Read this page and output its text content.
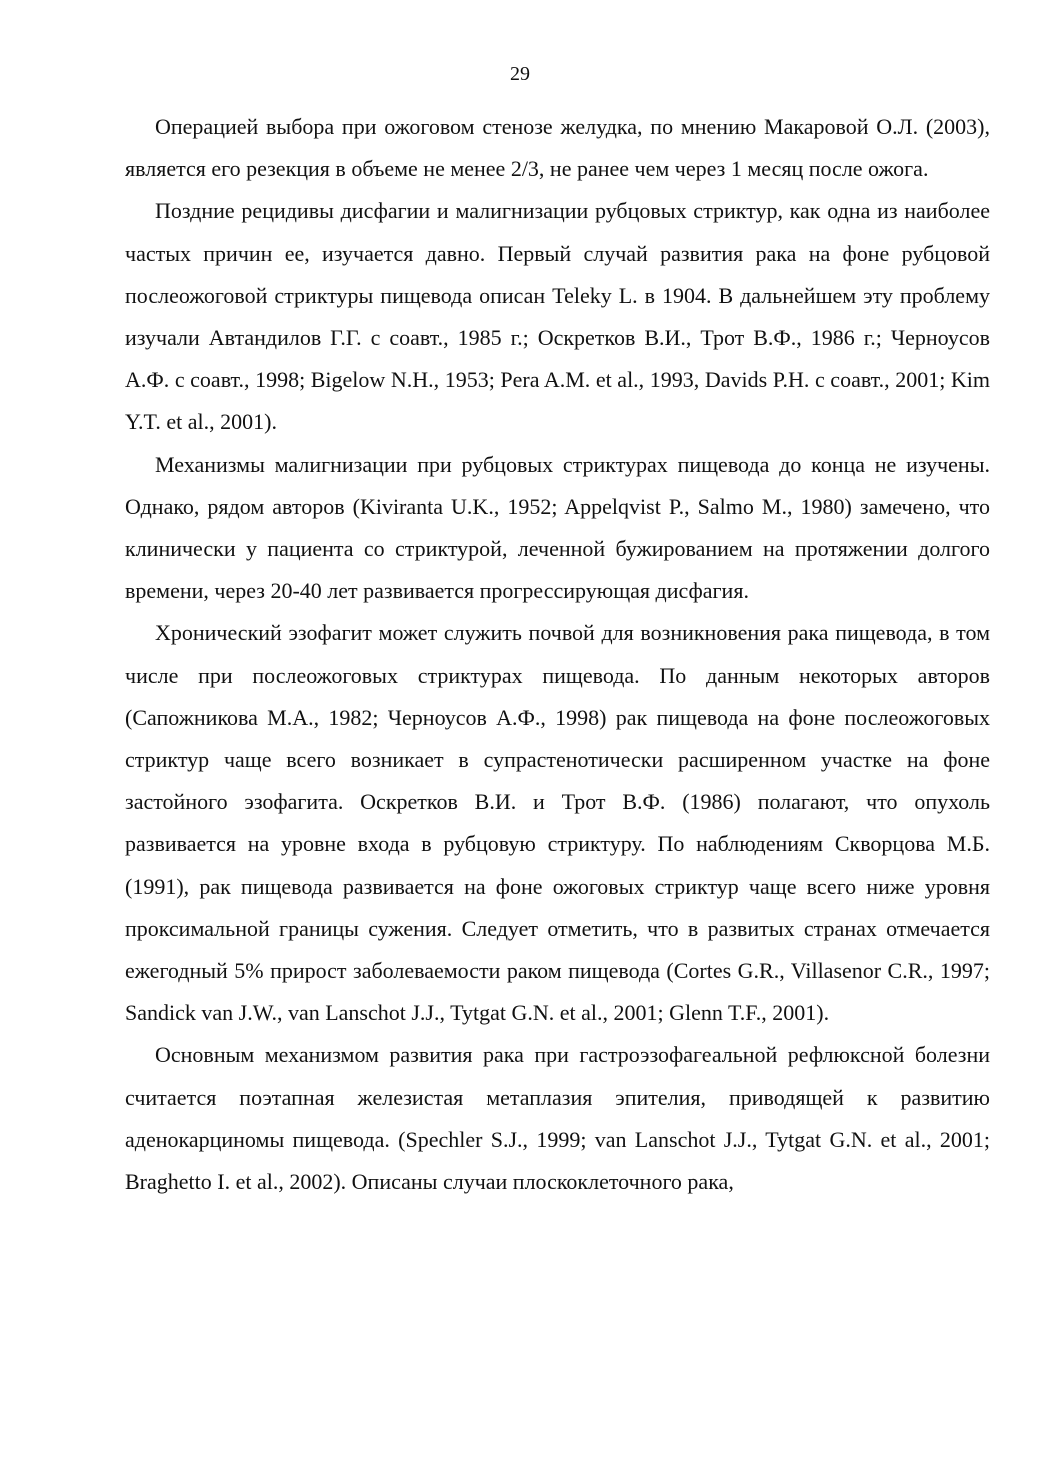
29

Операцией выбора при ожоговом стенозе желудка, по мнению Макаровой О.Л. (2003), является его резекция в объеме не менее 2/3, не ранее чем через 1 месяц после ожога.

Поздние рецидивы дисфагии и малигнизации рубцовых стриктур, как одна из наиболее частых причин ее, изучается давно. Первый случай развития рака на фоне рубцовой послеожоговой стриктуры пищевода описан Teleky L. в 1904. В дальнейшем эту проблему изучали Автандилов Г.Г. с соавт., 1985 г.; Оскретков В.И., Трот В.Ф., 1986 г.; Черноусов А.Ф. с соавт., 1998; Bigelow N.H., 1953; Pera A.M. et al., 1993, Davids P.H. с соавт., 2001; Kim Y.T. et al., 2001).

Механизмы малигнизации при рубцовых стриктурах пищевода до конца не изучены. Однако, рядом авторов (Kiviranta U.K., 1952; Appelqvist P., Salmo M., 1980) замечено, что клинически у пациента со стриктурой, леченной бужированием на протяжении долгого времени, через 20-40 лет развивается прогрессирующая дисфагия.

Хронический эзофагит может служить почвой для возникновения рака пищевода, в том числе при послеожоговых стриктурах пищевода. По данным некоторых авторов (Сапожникова М.А., 1982; Черноусов А.Ф., 1998) рак пищевода на фоне послеожоговых стриктур чаще всего возникает в супрастенотически расширенном участке на фоне застойного эзофагита. Оскретков В.И. и Трот В.Ф. (1986) полагают, что опухоль развивается на уровне входа в рубцовую стриктуру. По наблюдениям Скворцова М.Б. (1991), рак пищевода развивается на фоне ожоговых стриктур чаще всего ниже уровня проксимальной границы сужения. Следует отметить, что в развитых странах отмечается ежегодный 5% прирост заболеваемости раком пищевода (Cortes G.R., Villasenor C.R., 1997; Sandick van J.W., van Lanschot J.J., Tytgat G.N. et al., 2001; Glenn T.F., 2001).

Основным механизмом развития рака при гастроэзофагеальной рефлюксной болезни считается поэтапная железистая метаплазия эпителия, приводящей к развитию аденокарциномы пищевода. (Spechler S.J., 1999; van Lanschot J.J., Tytgat G.N. et al., 2001; Braghetto I. et al., 2002). Описаны случаи плоскоклеточного рака,
